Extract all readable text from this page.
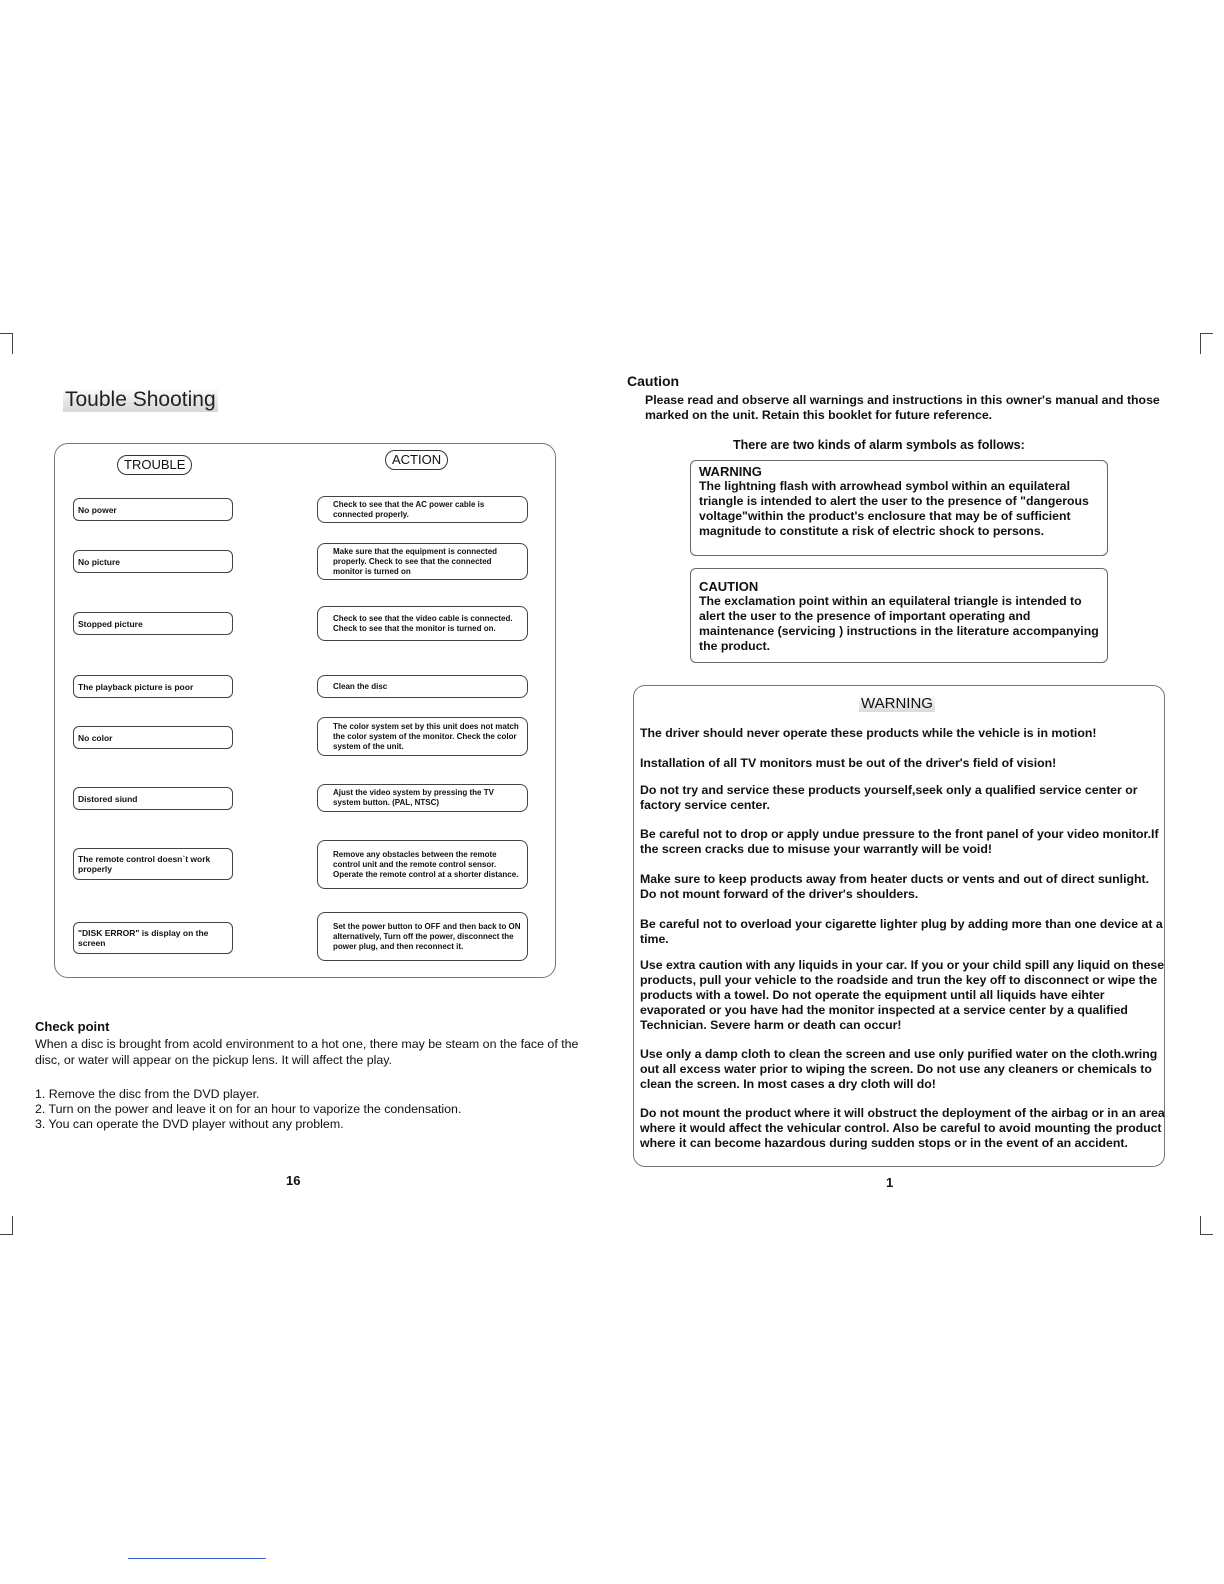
Touble Shooting
TROUBLE	ACTION
No power
Check to see that the AC power cable is connected properly.
No picture
Make sure that the equipment is connected properly. Check to see that the connected monitor is turned on
Stopped picture
Check to see that the video cable is connected. Check to see that the monitor is turned on.
The playback picture is poor	Clean the disc
No color
The color system set by this unit does not match the color system of the monitor. Check the color system of the unit.
Distored siund
Ajust the video system by pressing the TV system button. (PAL, NTSC)
The remote control doesn`t work properly
Remove any obstacles between the remote control unit and the remote control sensor. Operate the remote control at a shorter distance.
"DISK ERROR" is display on the screen
Set the power button to OFF and then back to ON alternatively, Turn off the power, disconnect the power plug, and then reconnect it.
Check point

When a disc is brought from acold environment to a hot one, there may be steam on the face of the disc, or water will appear on the pickup lens. It will affect the play.

1. Remove the disc from the DVD player.
2. Turn on the power and leave it on for an hour to vaporize the condensation.
3. You can operate the DVD player without any problem.
16
Caution

Please read and observe all warnings and instructions in this owner's manual and those marked on the unit. Retain this booklet for future reference.

There are two kinds of alarm symbols as follows:
WARNING
The lightning flash with arrowhead symbol within an equilateral triangle is intended to alert the user to the presence of "dangerous voltage"within the product's enclosure that may be of sufficient magnitude to constitute a risk of electric shock to persons.
CAUTION
The exclamation point within an equilateral triangle is intended to alert the user to the presence of important operating and maintenance (servicing ) instructions in the literature accompanying the product.
WARNING

The driver should never operate these products while the vehicle is in motion!

Installation of all TV monitors must be out of the driver's field of vision!

Do not try and service these products yourself,seek only a qualified service center or factory service center.

Be careful not to drop or apply undue pressure to the front panel of your video monitor.If the screen cracks due to misuse your warrantly will be void!

Make sure to keep products away from heater ducts or vents and out of direct sunlight. Do not mount forward of the driver's shoulders.

Be careful not to overload your cigarette lighter plug by adding more than one device at a time.

Use extra caution with any liquids in your car. If you or your child spill any liquid on these products, pull your vehicle to the roadside and trun the key off to disconnect or wipe the products with a towel. Do not operate the equipment until all liquids have eihter evaporated or you have had the monitor inspected at a service center by a qualified Technician. Severe harm or death can occur!

Use only a damp cloth to clean the screen and use only purified water on the cloth.wring out all excess water prior to wiping the screen. Do not use any cleaners or chemicals to clean the screen. In most cases a dry cloth will do!

Do not mount the product where it will obstruct the deployment of the airbag or in an area where it would affect the vehicular control. Also be careful to avoid mounting the product where it can become hazardous during sudden stops or in the event of an accident.

1
